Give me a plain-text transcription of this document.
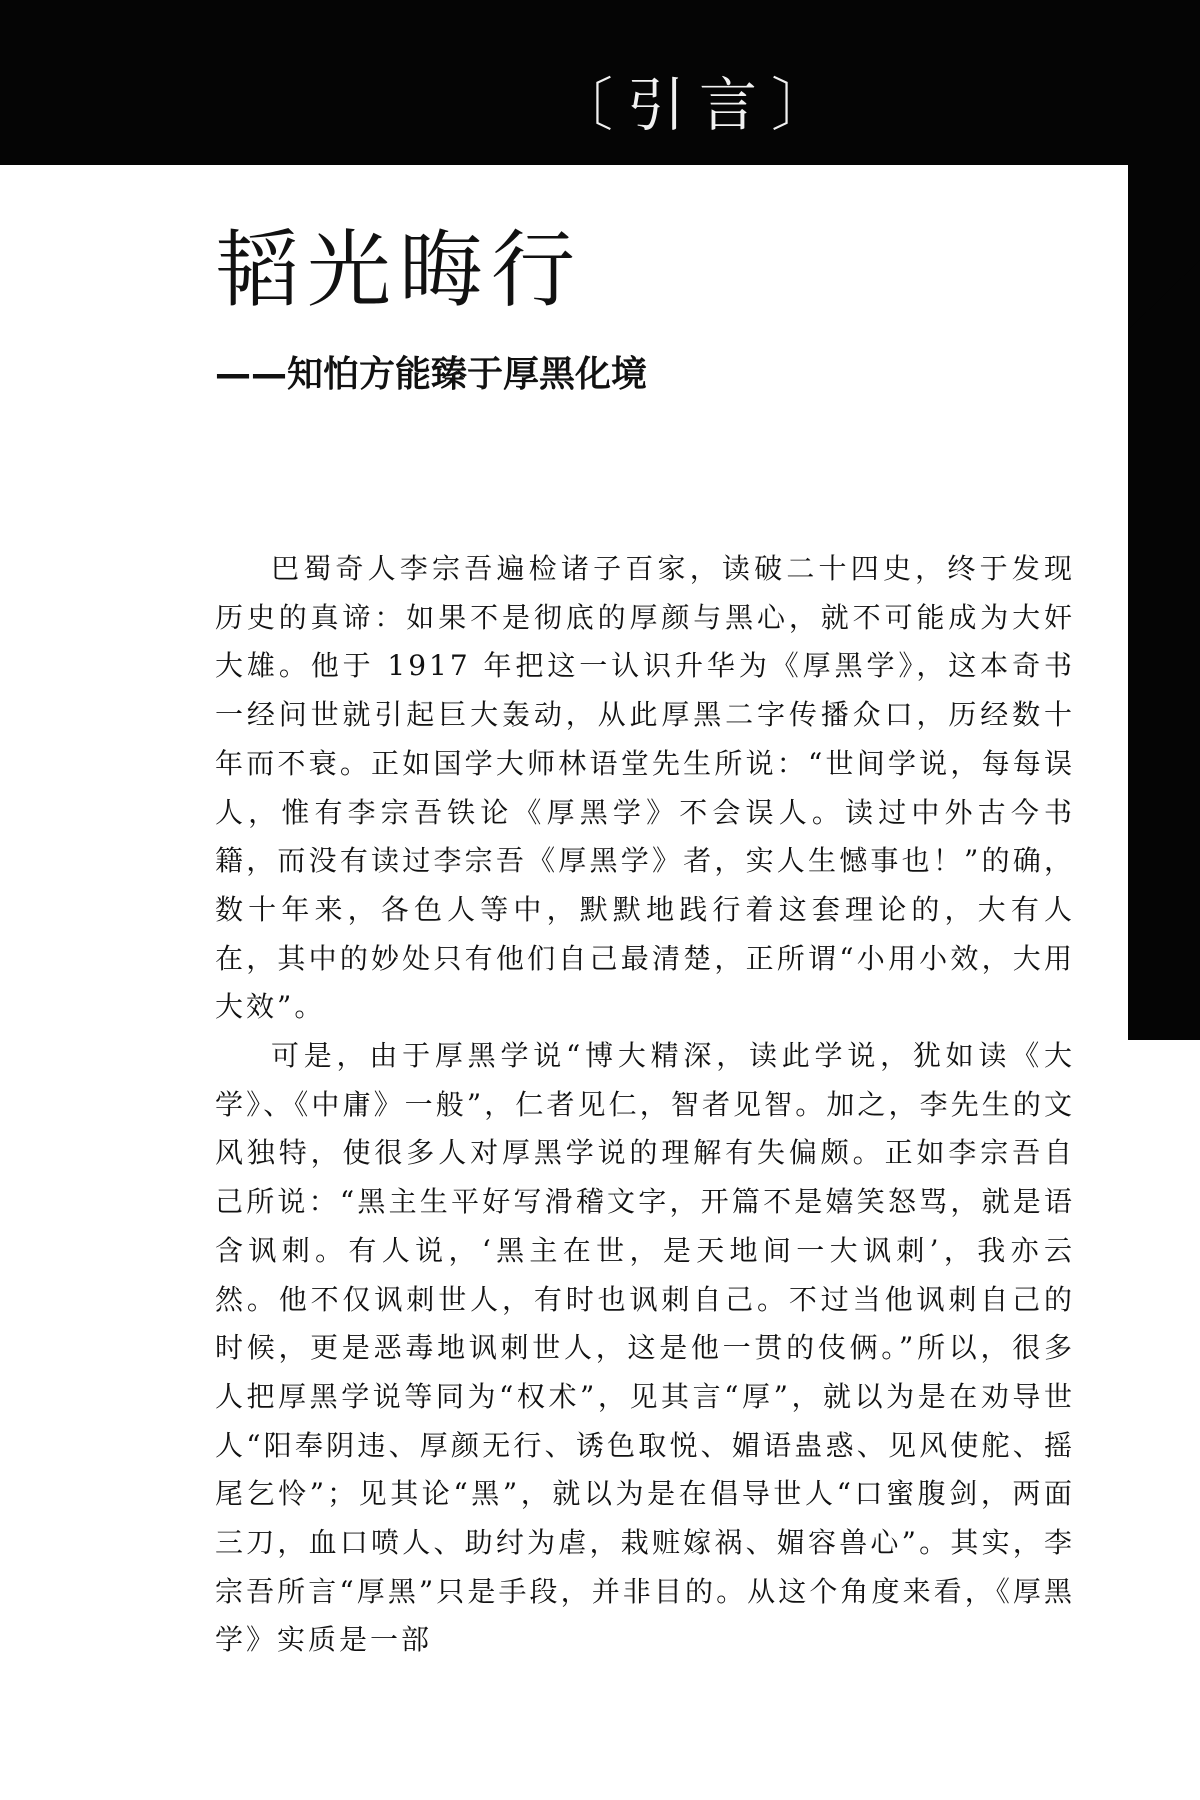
〔引言〕
韬光晦行
——知怕方能臻于厚黑化境

巴蜀奇人李宗吾遍检诸子百家，读破二十四史，终于发现历史的真谛：如果不是彻底的厚颜与黑心，就不可能成为大奸大雄。他于 1917 年把这一认识升华为《厚黑学》，这本奇书一经问世就引起巨大轰动，从此厚黑二字传播众口，历经数十年而不衰。正如国学大师林语堂先生所说：“世间学说，每每误人，惟有李宗吾铁论《厚黑学》不会误人。读过中外古今书籍，而没有读过李宗吾《厚黑学》者，实人生憾事也！”的确，数十年来，各色人等中，默默地践行着这套理论的，大有人在，其中的妙处只有他们自己最清楚，正所谓“小用小效，大用大效”。

可是，由于厚黑学说“博大精深，读此学说，犹如读《大学》、《中庸》一般”，仁者见仁，智者见智。加之，李先生的文风独特，使很多人对厚黑学说的理解有失偏颇。正如李宗吾自己所说：“黑主生平好写滑稽文字，开篇不是嬉笑怒骂，就是语含讽刺。有人说，‘黑主在世，是天地间一大讽刺’，我亦云然。他不仅讽刺世人，有时也讽刺自己。不过当他讽刺自己的时候，更是恶毒地讽刺世人，这是他一贯的伎俩。”所以，很多人把厚黑学说等同为“权术”，见其言“厚”，就以为是在劝导世人“阳奉阴违、厚颜无行、诱色取悦、媚语蛊惑、见风使舵、摇尾乞怜”；见其论“黑”，就以为是在倡导世人“口蜜腹剑，两面三刀，血口喷人、助纣为虐，栽赃嫁祸、媚容兽心”。其实，李宗吾所言“厚黑”只是手段，并非目的。从这个角度来看，《厚黑学》实质是一部
